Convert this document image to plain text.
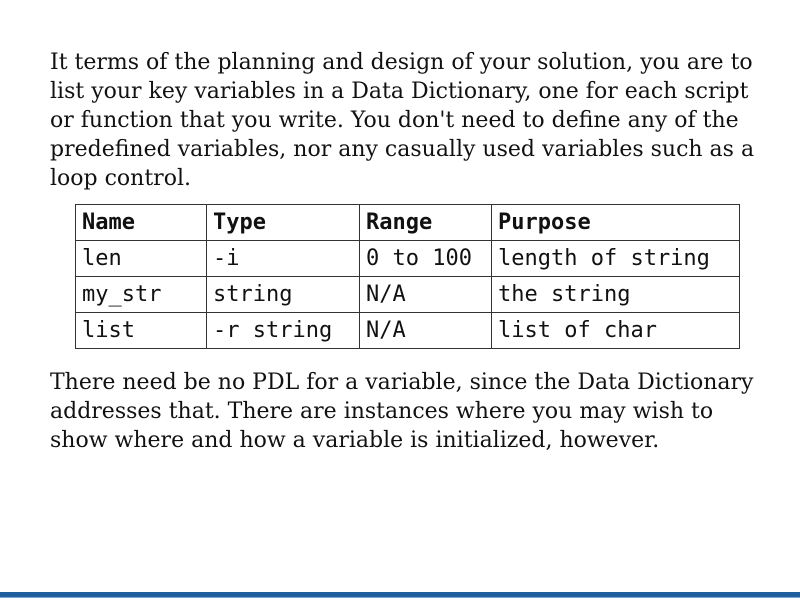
It terms of the planning and design of your solution, you are to list your key variables in a Data Dictionary, one for each script or function that you write. You don't need to define any of the predefined variables, nor any casually used variables such as a loop control.

Name	Type	Range	Purpose
len	-i	0 to 100	length of string
my_str	string	N/A	the string
list	-r string	N/A	list of char

There need be no PDL for a variable, since the Data Dictionary addresses that. There are instances where you may wish to show where and how a variable is initialized, however.
